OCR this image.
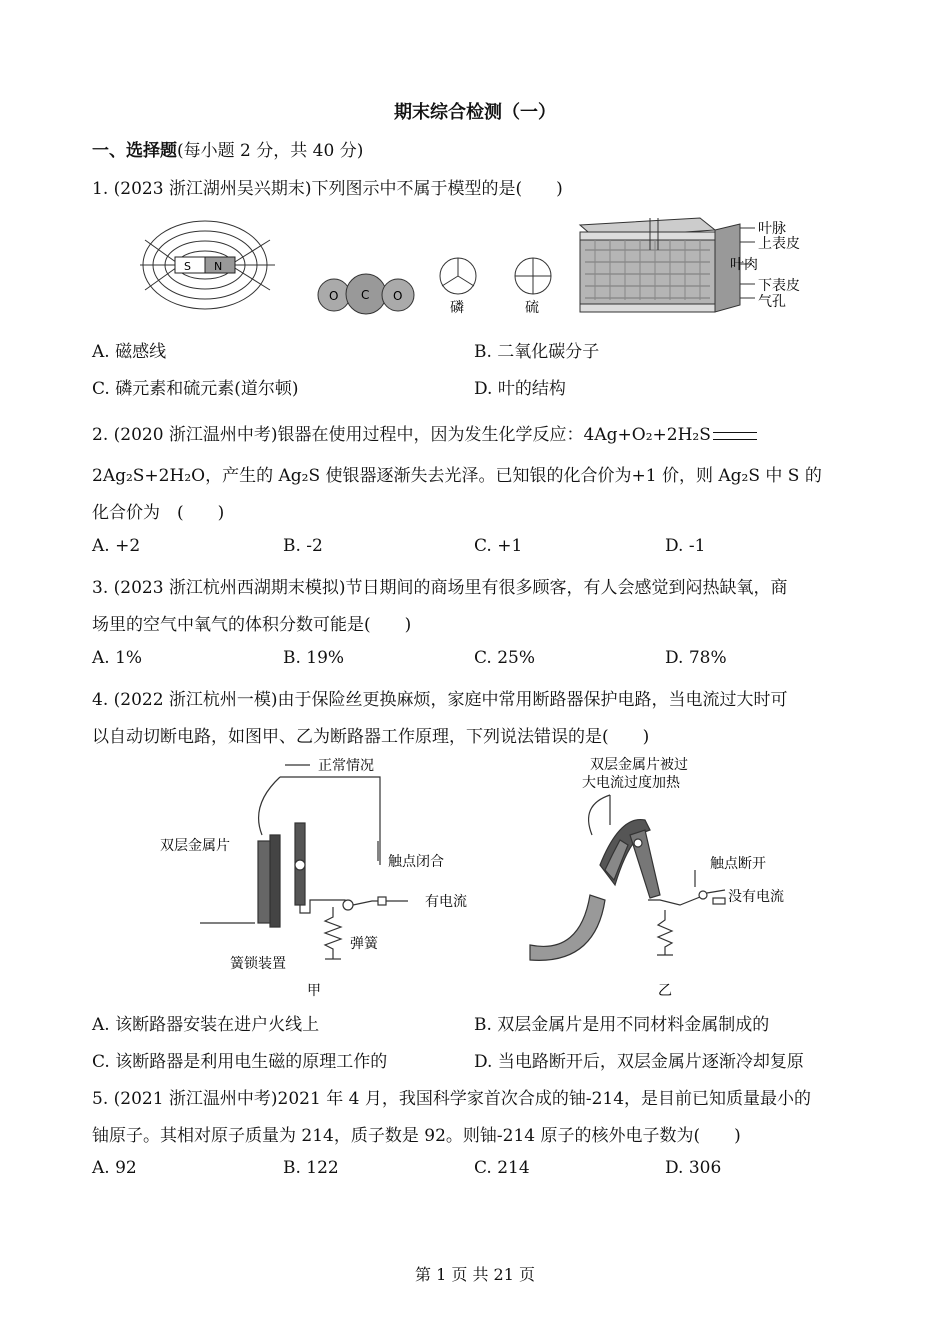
期末综合检测（一）
一、选择题(每小题 2 分，共 40 分)
1. (2023 浙江湖州吴兴期末)下列图示中不属于模型的是(　　)
S N
O C O
磷	硫
叶脉
上表皮
叶肉
下表皮
气孔
A. 磁感线	B. 二氧化碳分子
C. 磷元素和硫元素(道尔顿)	D. 叶的结构
2. (2020 浙江温州中考)银器在使用过程中，因为发生化学反应：4Ag+O₂+2H₂S
2Ag₂S+2H₂O，产生的 Ag₂S 使银器逐渐失去光泽。已知银的化合价为+1 价，则 Ag₂S 中 S 的
化合价为　(　　)
A. +2	B. -2	C. +1	D. -1
3. (2023 浙江杭州西湖期末模拟)节日期间的商场里有很多顾客，有人会感觉到闷热缺氧，商
场里的空气中氧气的体积分数可能是(　　)
A. 1%	B. 19%	C. 25%	D. 78%
4. (2022 浙江杭州一模)由于保险丝更换麻烦，家庭中常用断路器保护电路，当电流过大时可
以自动切断电路，如图甲、乙为断路器工作原理，下列说法错误的是(　　)
正常情况
双层金属片
触点闭合
有电流
弹簧
簧锁装置
甲
双层金属片被过
大电流过度加热
触点断开
没有电流
乙
A. 该断路器安装在进户火线上	B. 双层金属片是用不同材料金属制成的
C. 该断路器是利用电生磁的原理工作的	D. 当电路断开后，双层金属片逐渐冷却复原
5. (2021 浙江温州中考)2021 年 4 月，我国科学家首次合成的铀-214，是目前已知质量最小的
铀原子。其相对原子质量为 214，质子数是 92。则铀-214 原子的核外电子数为(　　)
A. 92	B. 122	C. 214	D. 306
第 1 页 共 21 页
